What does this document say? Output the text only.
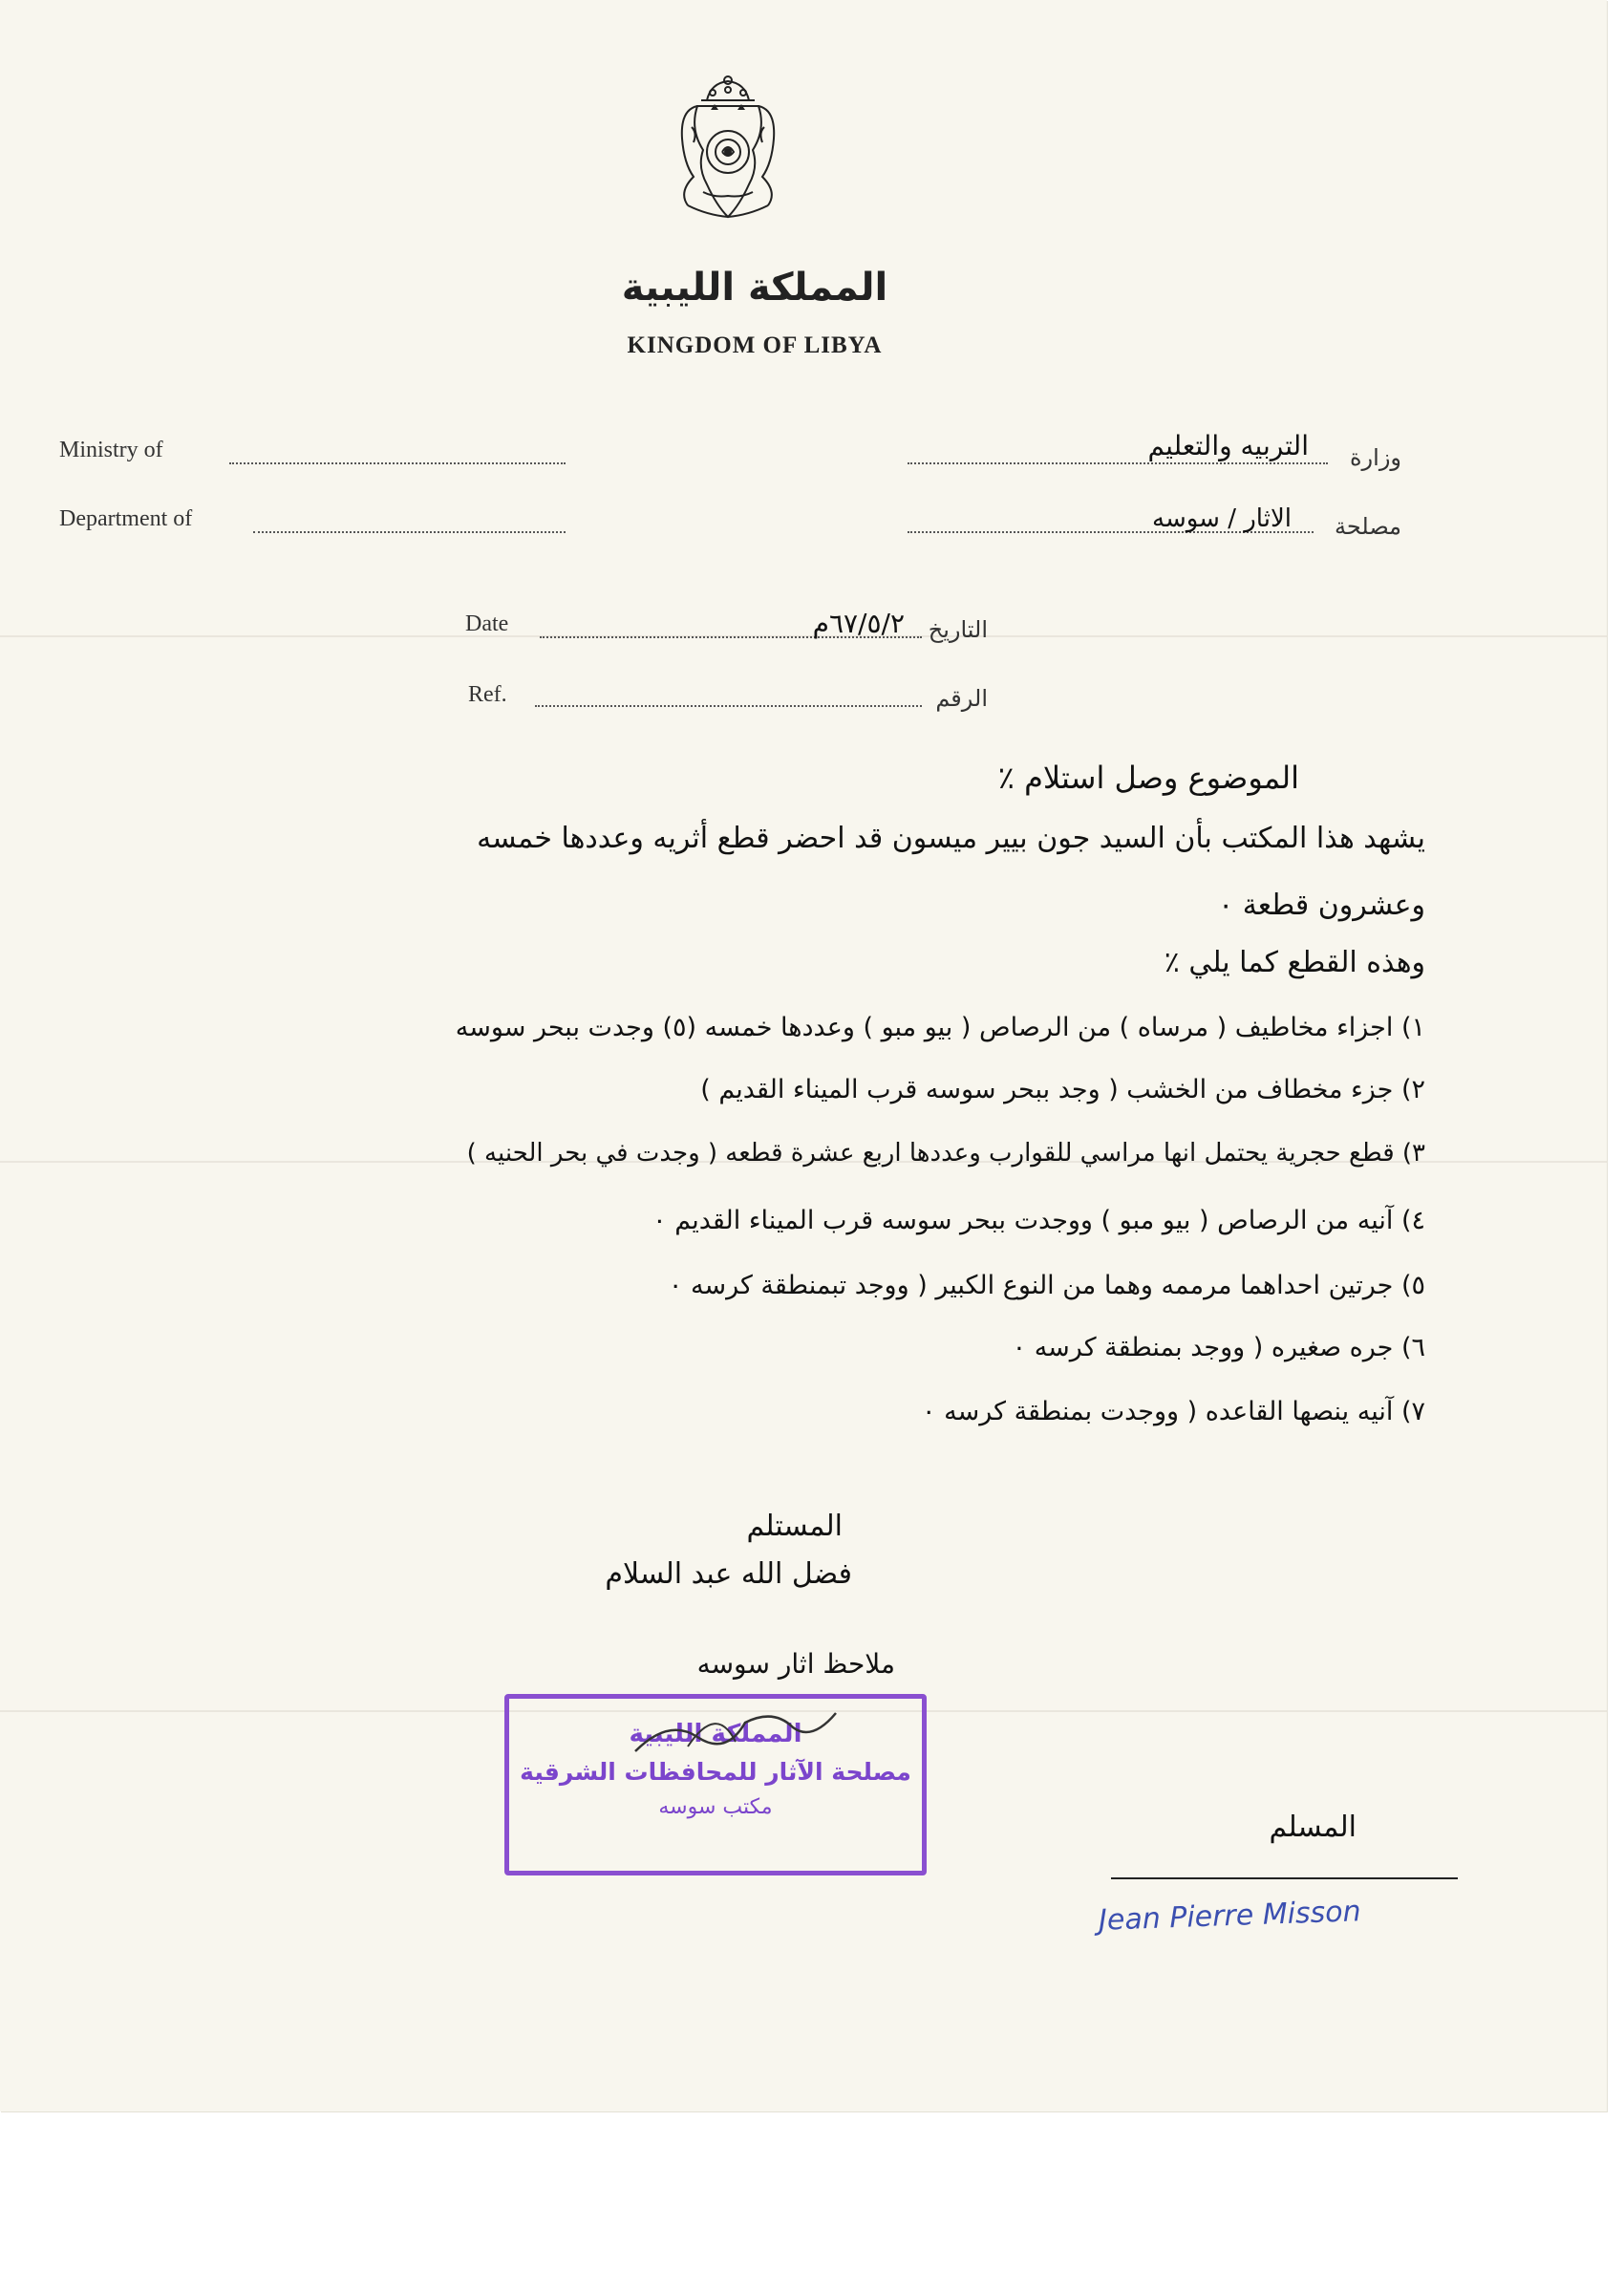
المملكة الليبية
KINGDOM OF LIBYA
Ministry of	التربيه والتعليم وزارة
Department of	الاثار / سوسه مصلحة
Date	٦٧/٥/٢م التاريخ
Ref.	الرقم
الموضوع وصل استلام ٪
يشهد هذا المكتب بأن السيد جون بيير ميسون قد احضر قطع أثريه وعددها خمسه
وعشرون قطعة ٠
وهذه القطع كما يلي ٪
١) اجزاء مخاطيف ( مرساه ) من الرصاص ( بيو مبو ) وعددها خمسه (٥) وجدت ببحر سوسه
٢) جزء مخطاف من الخشب ( وجد ببحر سوسه قرب الميناء القديم )
٣) قطع حجرية يحتمل انها مراسي للقوارب وعددها اربع عشرة قطعه ( وجدت في بحر الحنيه )
٤) آنيه من الرصاص ( بيو مبو ) ووجدت ببحر سوسه قرب الميناء القديم ٠
٥) جرتين احداهما مرممه وهما من النوع الكبير ( ووجد تبمنطقة كرسه ٠
٦) جره صغيره ( ووجد بمنطقة كرسه ٠
٧) آنيه ينصها القاعده ( ووجدت بمنطقة كرسه ٠
المستلم
فضل الله عبد السلام
ملاحظ اثار سوسه
المملكة الليبية
مصلحة الآثار للمحافظات الشرقية
مكتب سوسه
المسلم
Jean Pierre Misson
